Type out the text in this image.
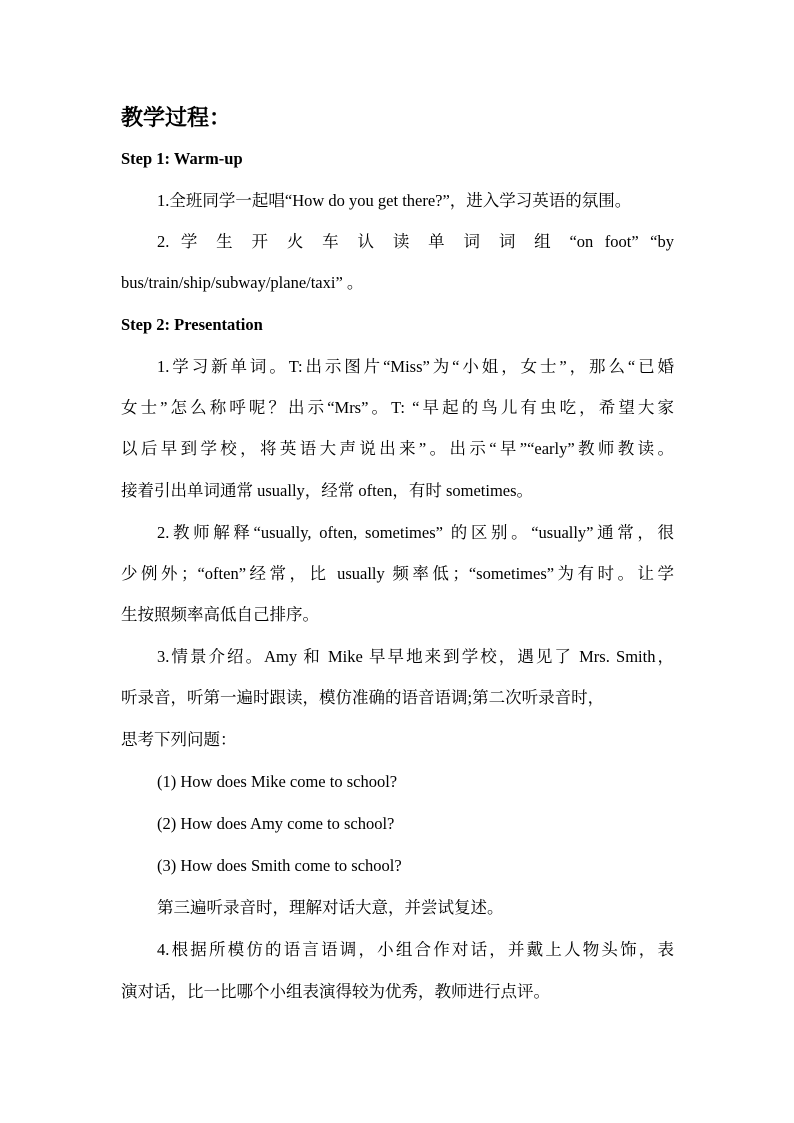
教学过程：
Step 1: Warm-up
1.全班同学一起唱“How do you get there?”，进入学习英语的氛围。
2. 学 生 开 火 车 认 读 单 词 词 组 “on foot” “by
bus/train/ship/subway/plane/taxi” 。
Step 2: Presentation
1.学习新单词。T:出示图片“Miss”为“小姐，女士”，那么“已婚
女士”怎么称呼呢？出示“Mrs”。T: “早起的鸟儿有虫吃，希望大家
以后早到学校，将英语大声说出来”。出示“早”“early”教师教读。
接着引出单词通常 usually，经常 often，有时 sometimes。
2.教师解释“usually, often, sometimes” 的区别。“usually”通常，很
少例外；“often”经常，比 usually 频率低；“sometimes”为有时。让学
生按照频率高低自己排序。
3.情景介绍。Amy 和 Mike 早早地来到学校，遇见了 Mrs. Smith，
听录音，听第一遍时跟读，模仿准确的语音语调;第二次听录音时，
思考下列问题：
(1) How does Mike come to school?
(2) How does Amy come to school?
(3) How does Smith come to school?
第三遍听录音时，理解对话大意，并尝试复述。
4.根据所模仿的语言语调，小组合作对话，并戴上人物头饰，表
演对话，比一比哪个小组表演得较为优秀，教师进行点评。
